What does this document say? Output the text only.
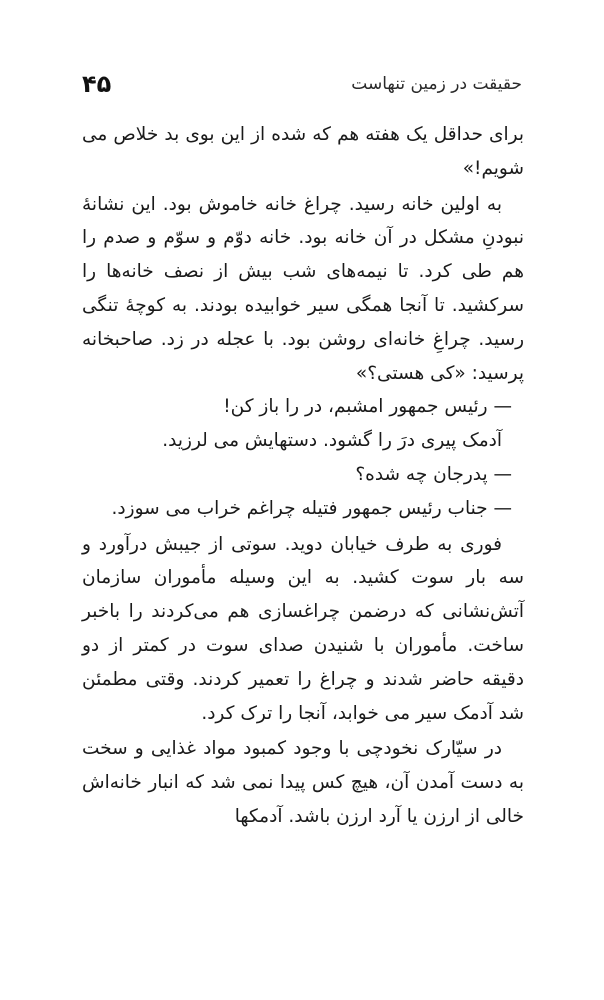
حقیقت در زمین تنهاست
۴۵

برای حداقل یک هفته هم که شده از این بوی بد خلاص می شویم!»

به اولین خانه رسید. چراغ خانه خاموش بود. این نشانۀ نبودنِ مشکل در آن خانه بود. خانه دوّم و سوّم و صدم را هم طی کرد. تا نیمه‌های شب بیش از نصف خانه‌ها را سرکشید. تا آنجا همگی سیر خوابیده بودند. به کوچۀ تنگی رسید. چراغِ خانه‌ای روشن بود. با عجله در زد. صاحبخانه پرسید: «کی هستی؟»

— رئیس جمهور امشبم، در را باز کن!

آدمک پیری درَ را گشود. دستهایش می لرزید.

— پدرجان چه شده؟

— جناب رئیس جمهور فتیله چراغم خراب می سوزد.

فوری به طرف خیابان دوید. سوتی از جیبش درآورد و سه بار سوت کشید. به این وسیله مأموران سازمان آتش‌نشانی که درضمن چراغسازی هم می‌کردند را باخبر ساخت. مأموران با شنیدن صدای سوت در کمتر از دو دقیقه حاضر شدند و چراغ را تعمیر کردند. وقتی مطمئن شد آدمک سیر می خوابد، آنجا را ترک کرد.

در سیّارک نخودچی با وجود کمبود مواد غذایی و سخت به دست آمدن آن، هیچ کس پیدا نمی شد که انبار خانه‌اش خالی از ارزن یا آرد ارزن باشد. آدمکها
